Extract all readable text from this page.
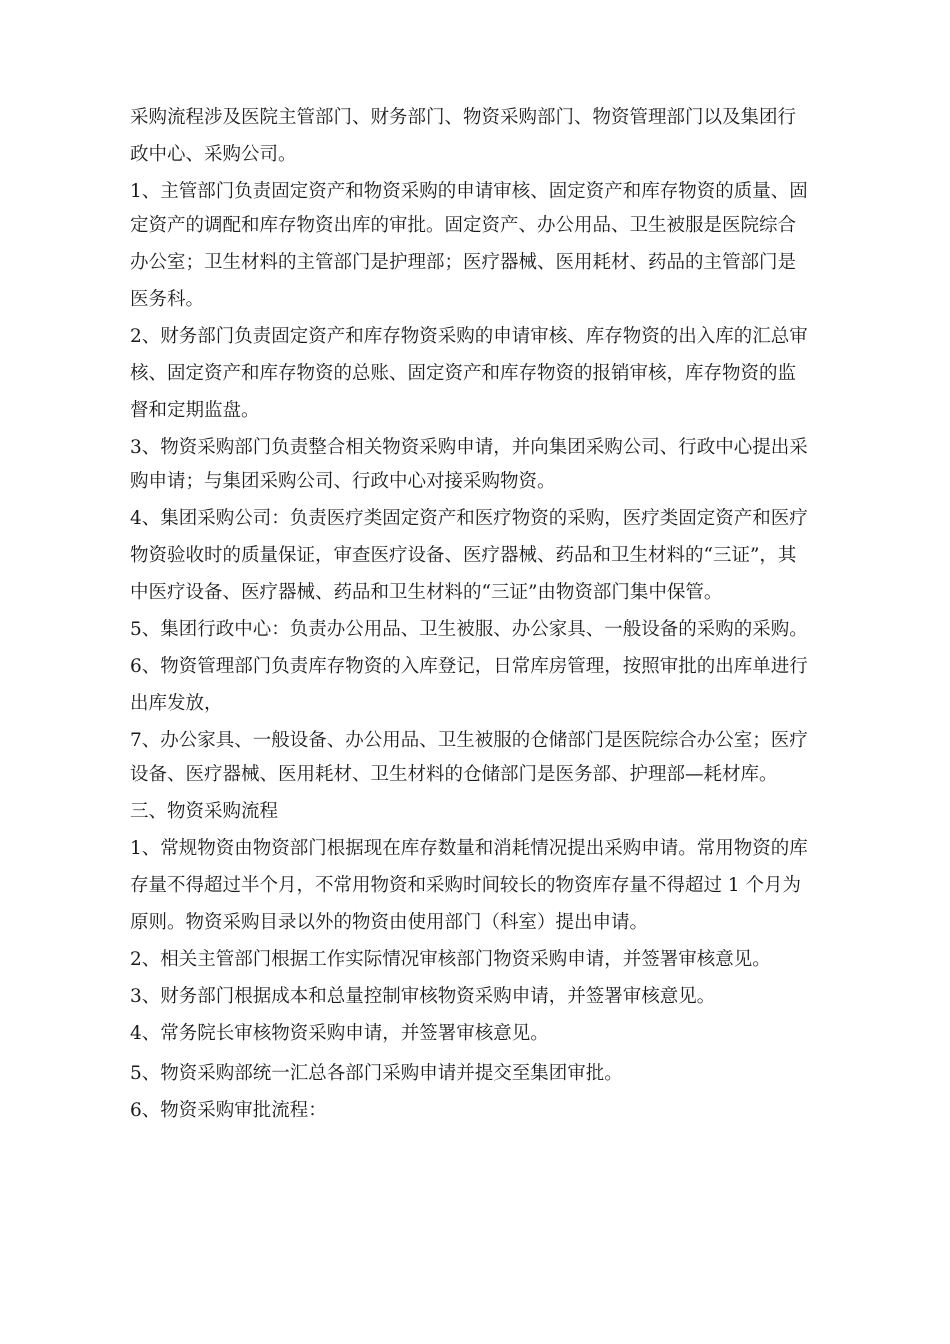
采购流程涉及医院主管部门、财务部门、物资采购部门、物资管理部门以及集团行
政中心、采购公司。
1、主管部门负责固定资产和物资采购的申请审核、固定资产和库存物资的质量、固
定资产的调配和库存物资出库的审批。固定资产、办公用品、卫生被服是医院综合
办公室；卫生材料的主管部门是护理部；医疗器械、医用耗材、药品的主管部门是
医务科。
2、财务部门负责固定资产和库存物资采购的申请审核、库存物资的出入库的汇总审
核、固定资产和库存物资的总账、固定资产和库存物资的报销审核，库存物资的监
督和定期监盘。
3、物资采购部门负责整合相关物资采购申请，并向集团采购公司、行政中心提出采
购申请；与集团采购公司、行政中心对接采购物资。
4、集团采购公司：负责医疗类固定资产和医疗物资的采购，医疗类固定资产和医疗
物资验收时的质量保证，审查医疗设备、医疗器械、药品和卫生材料的“三证”，其
中医疗设备、医疗器械、药品和卫生材料的“三证”由物资部门集中保管。
5、集团行政中心：负责办公用品、卫生被服、办公家具、一般设备的采购的采购。
6、物资管理部门负责库存物资的入库登记，日常库房管理，按照审批的出库单进行
出库发放，
7、办公家具、一般设备、办公用品、卫生被服的仓储部门是医院综合办公室；医疗
设备、医疗器械、医用耗材、卫生材料的仓储部门是医务部、护理部—耗材库。
三、物资采购流程
1、常规物资由物资部门根据现在库存数量和消耗情况提出采购申请。常用物资的库
存量不得超过半个月，不常用物资和采购时间较长的物资库存量不得超过 1 个月为
原则。物资采购目录以外的物资由使用部门（科室）提出申请。
2、相关主管部门根据工作实际情况审核部门物资采购申请，并签署审核意见。
3、财务部门根据成本和总量控制审核物资采购申请，并签署审核意见。
4、常务院长审核物资采购申请，并签署审核意见。
5、物资采购部统一汇总各部门采购申请并提交至集团审批。
6、物资采购审批流程：
